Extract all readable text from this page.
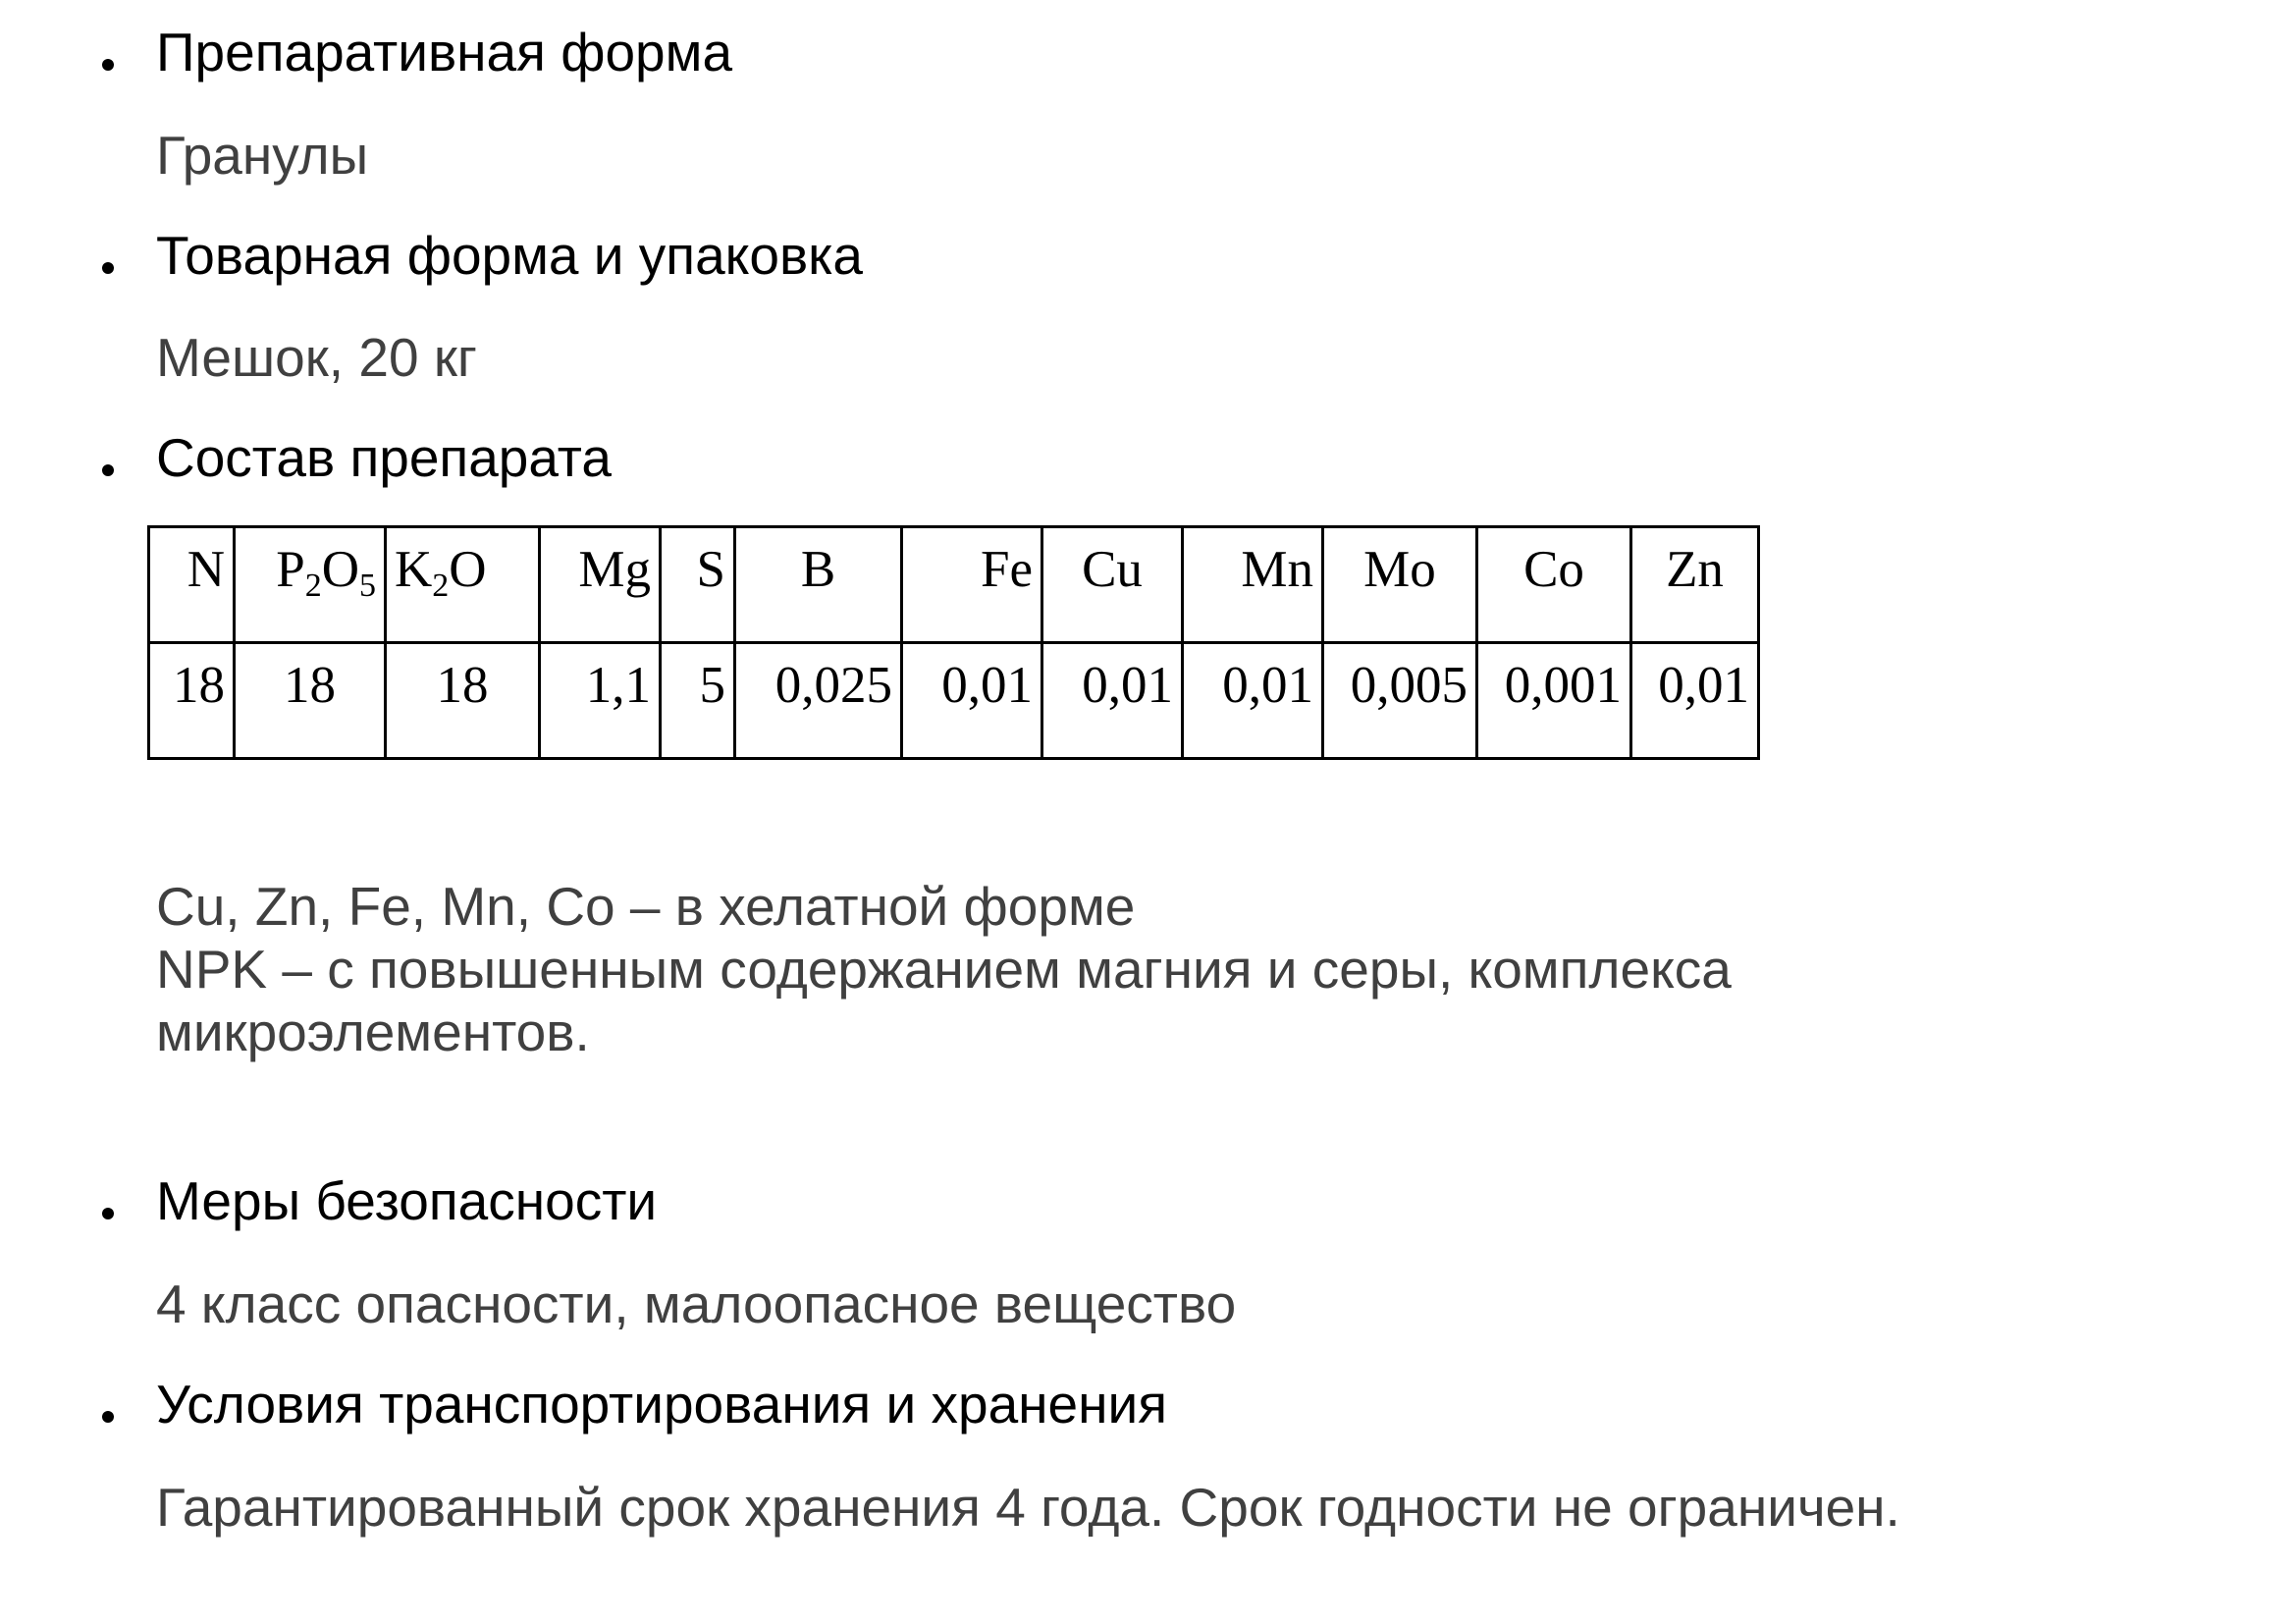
Препаративная форма
Гранулы
Товарная форма и упаковка
Мешок, 20 кг
Состав препарата
N	$P_2O_5$	$K_2O$	Mg	S	B	Fe	Cu	Mn	Mo	Co	Zn
18	18	18	1,1	5	0,025	0,01	0,01	0,01	0,005	0,001	0,01
Cu, Zn, Fe, Mn, Co – в хелатной форме
NPK – с повышенным содержанием магния и серы, комплекса
микроэлементов.
Меры безопасности
4 класс опасности, малоопасное вещество
Условия транспортирования и хранения
Гарантированный срок хранения 4 года. Срок годности не ограничен.
